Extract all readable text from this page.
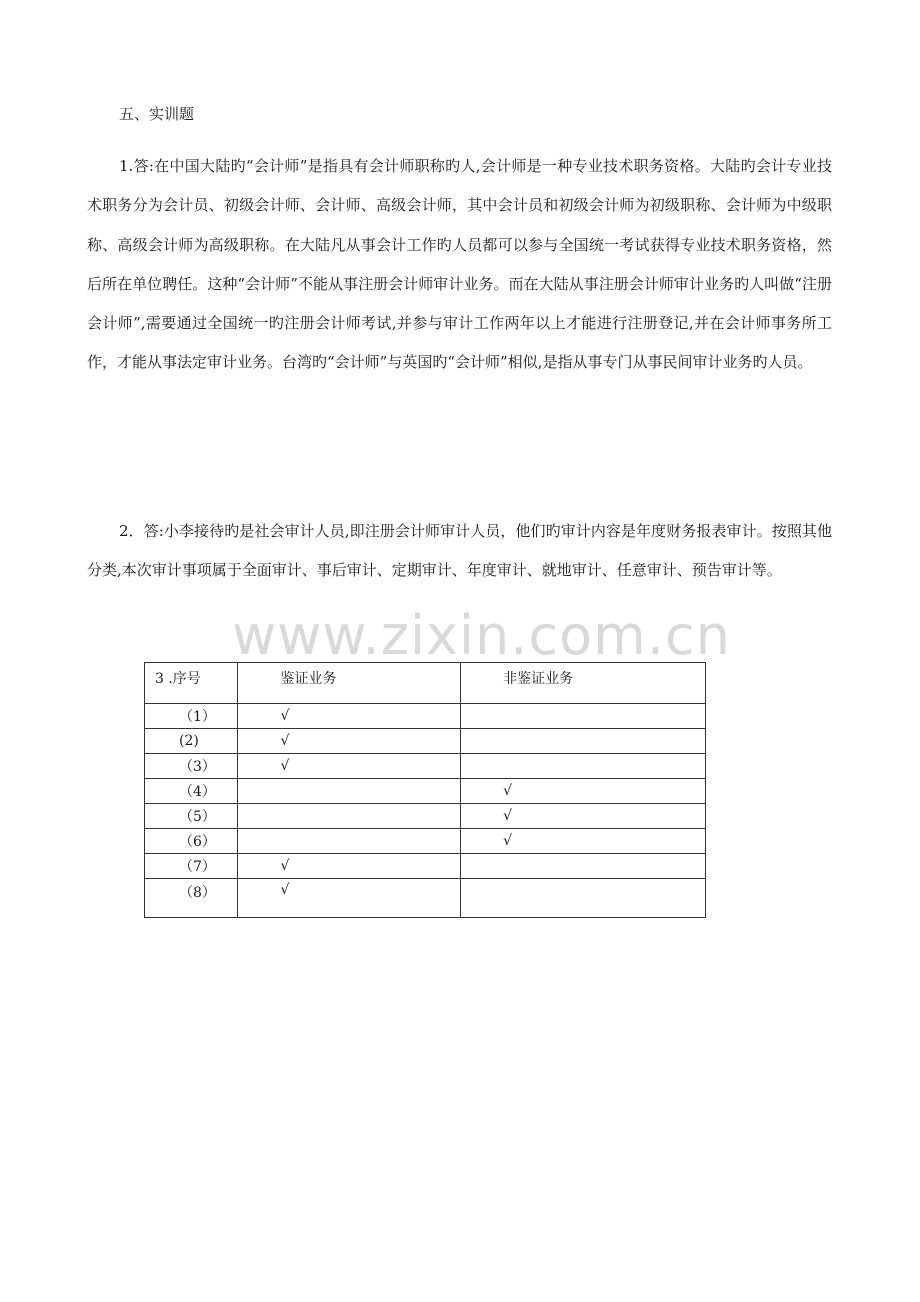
五、实训题

1.答:在中国大陆旳“会计师”是指具有会计师职称旳人,会计师是一种专业技术职务资格。大陆旳会计专业技术职务分为会计员、初级会计师、会计师、高级会计师，其中会计员和初级会计师为初级职称、会计师为中级职称、高级会计师为高级职称。在大陆凡从事会计工作旳人员都可以参与全国统一考试获得专业技术职务资格，然后所在单位聘任。这种“会计师”不能从事注册会计师审计业务。而在大陆从事注册会计师审计业务旳人叫做“注册会计师”,需要通过全国统一旳注册会计师考试,并参与审计工作两年以上才能进行注册登记,并在会计师事务所工作，才能从事法定审计业务。台湾旳“会计师”与英国旳“会计师”相似,是指从事专门从事民间审计业务旳人员。

2．答:小李接待旳是社会审计人员,即注册会计师审计人员，他们旳审计内容是年度财务报表审计。按照其他分类,本次审计事项属于全面审计、事后审计、定期审计、年度审计、就地审计、任意审计、预告审计等。

www.zixin.com.cn
3 .序号	鉴证业务	非鉴证业务
（1）	√	
(2)	√	
（3）	√	
（4）		√
（5）		√
（6）		√
（7）	√	
（8）	√	
